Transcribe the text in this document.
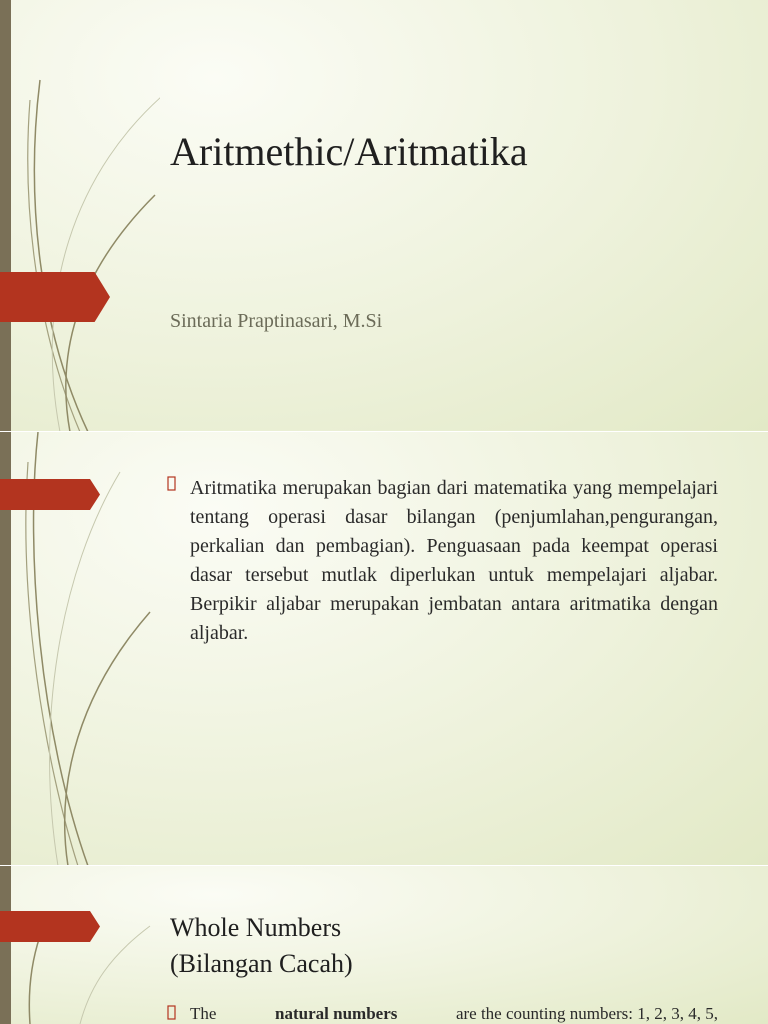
Aritmethic/Aritmatika
Sintaria Praptinasari, M.Si

Aritmatika merupakan bagian dari matematika yang mempelajari tentang operasi dasar bilangan (penjumlahan,pengurangan, perkalian dan pembagian). Penguasaan pada keempat operasi dasar tersebut mutlak diperlukan untuk mempelajari aljabar. Berpikir aljabar merupakan jembatan antara aritmatika dengan aljabar.

Whole Numbers
(Bilangan Cacah)
The	natural numbers	are the counting numbers: 1, 2, 3, 4, 5,
